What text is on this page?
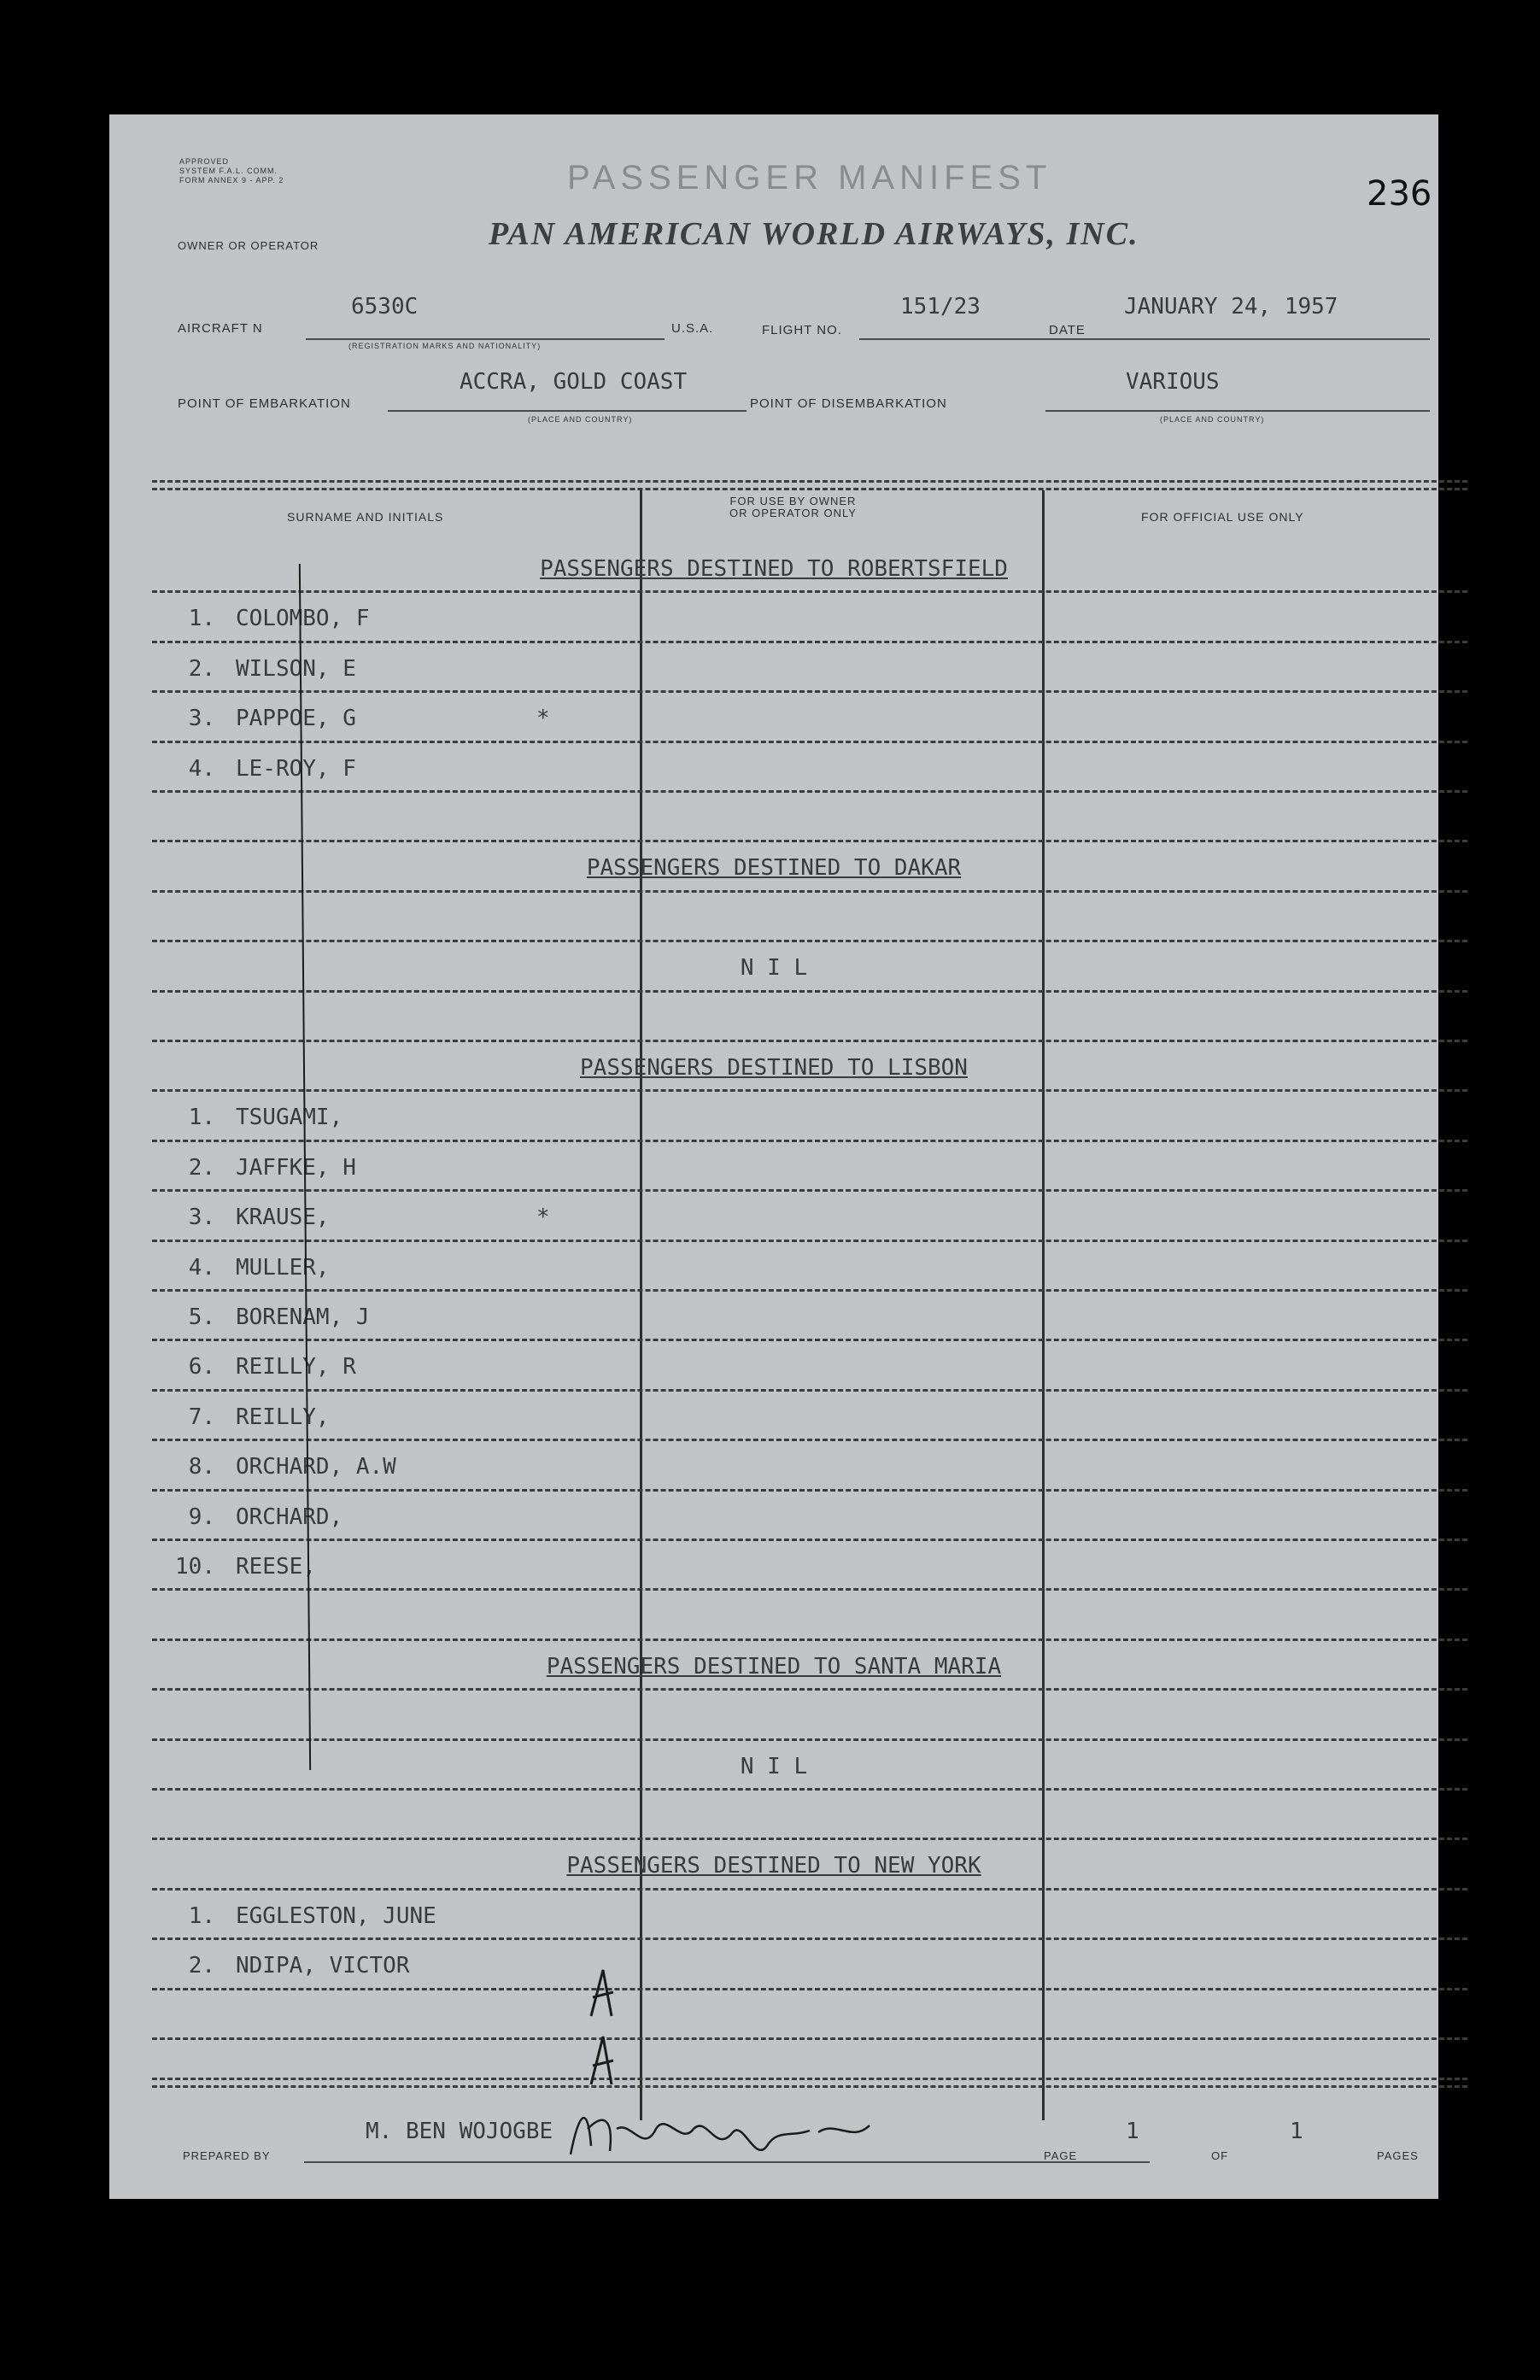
APPROVED
SYSTEM F.A.L. COMM.
FORM ANNEX 9 - APP. 2	PASSENGER MANIFEST	236
OWNER OR OPERATOR	PAN AMERICAN WORLD AIRWAYS, INC.
AIRCRAFT N
6530C
(REGISTRATION MARKS AND NATIONALITY)
U.S.A.	FLIGHT NO.
151/23
DATE
JANUARY 24, 1957
POINT OF EMBARKATION
ACCRA, GOLD COAST
(PLACE AND COUNTRY)
POINT OF DISEMBARKATION
VARIOUS
(PLACE AND COUNTRY)
SURNAME AND INITIALS
FOR USE BY OWNER
OR OPERATOR ONLY	FOR OFFICIAL USE ONLY
PASSENGERS DESTINED TO ROBERTSFIELD
1. COLOMBO, F
2. WILSON, E
3. PAPPOE, G	*
4. LE-ROY, F
PASSENGERS DESTINED TO DAKAR
N I L
PASSENGERS DESTINED TO LISBON
1. TSUGAMI,
2. JAFFKE, H
3. KRAUSE,	*
4. MULLER,
5. BORENAM, J
6. REILLY, R
7. REILLY,
8. ORCHARD, A.W
9. ORCHARD,
10. REESE,
PASSENGERS DESTINED TO SANTA MARIA
N I L
PASSENGERS DESTINED TO NEW YORK
1. EGGLESTON, JUNE
2. NDIPA, VICTOR
PREPARED BY
M. BEN WOJOGBE
PAGE
1
OF
1
PAGES
